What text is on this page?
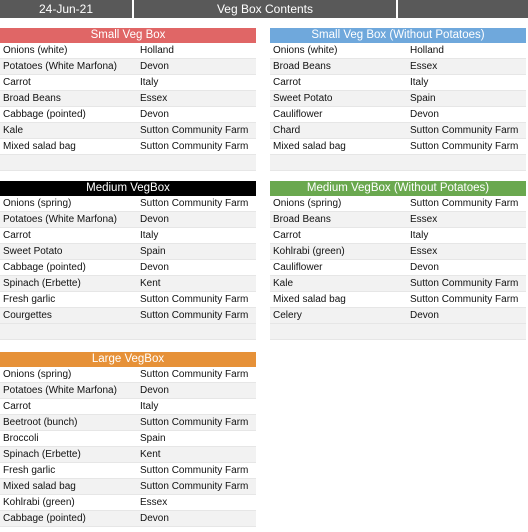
24-Jun-21	Veg Box Contents
Small Veg Box
Onions (white)	Holland
Potatoes (White Marfona)	Devon
Carrot	Italy
Broad Beans	Essex
Cabbage (pointed)	Devon
Kale	Sutton Community Farm
Mixed salad bag	Sutton Community Farm
Small Veg Box (Without Potatoes)
Onions (white)	Holland
Broad Beans	Essex
Carrot	Italy
Sweet Potato	Spain
Cauliflower	Devon
Chard	Sutton Community Farm
Mixed salad bag	Sutton Community Farm
Medium VegBox
Onions (spring)	Sutton Community Farm
Potatoes (White Marfona)	Devon
Carrot	Italy
Sweet Potato	Spain
Cabbage (pointed)	Devon
Spinach (Erbette)	Kent
Fresh garlic	Sutton Community Farm
Courgettes	Sutton Community Farm
Medium VegBox (Without Potatoes)
Onions (spring)	Sutton Community Farm
Broad Beans	Essex
Carrot	Italy
Kohlrabi (green)	Essex
Cauliflower	Devon
Kale	Sutton Community Farm
Mixed salad bag	Sutton Community Farm
Celery	Devon
Large VegBox
Onions (spring)	Sutton Community Farm
Potatoes (White Marfona)	Devon
Carrot	Italy
Beetroot (bunch)	Sutton Community Farm
Broccoli	Spain
Spinach (Erbette)	Kent
Fresh garlic	Sutton Community Farm
Mixed salad bag	Sutton Community Farm
Kohlrabi (green)	Essex
Cabbage (pointed)	Devon
